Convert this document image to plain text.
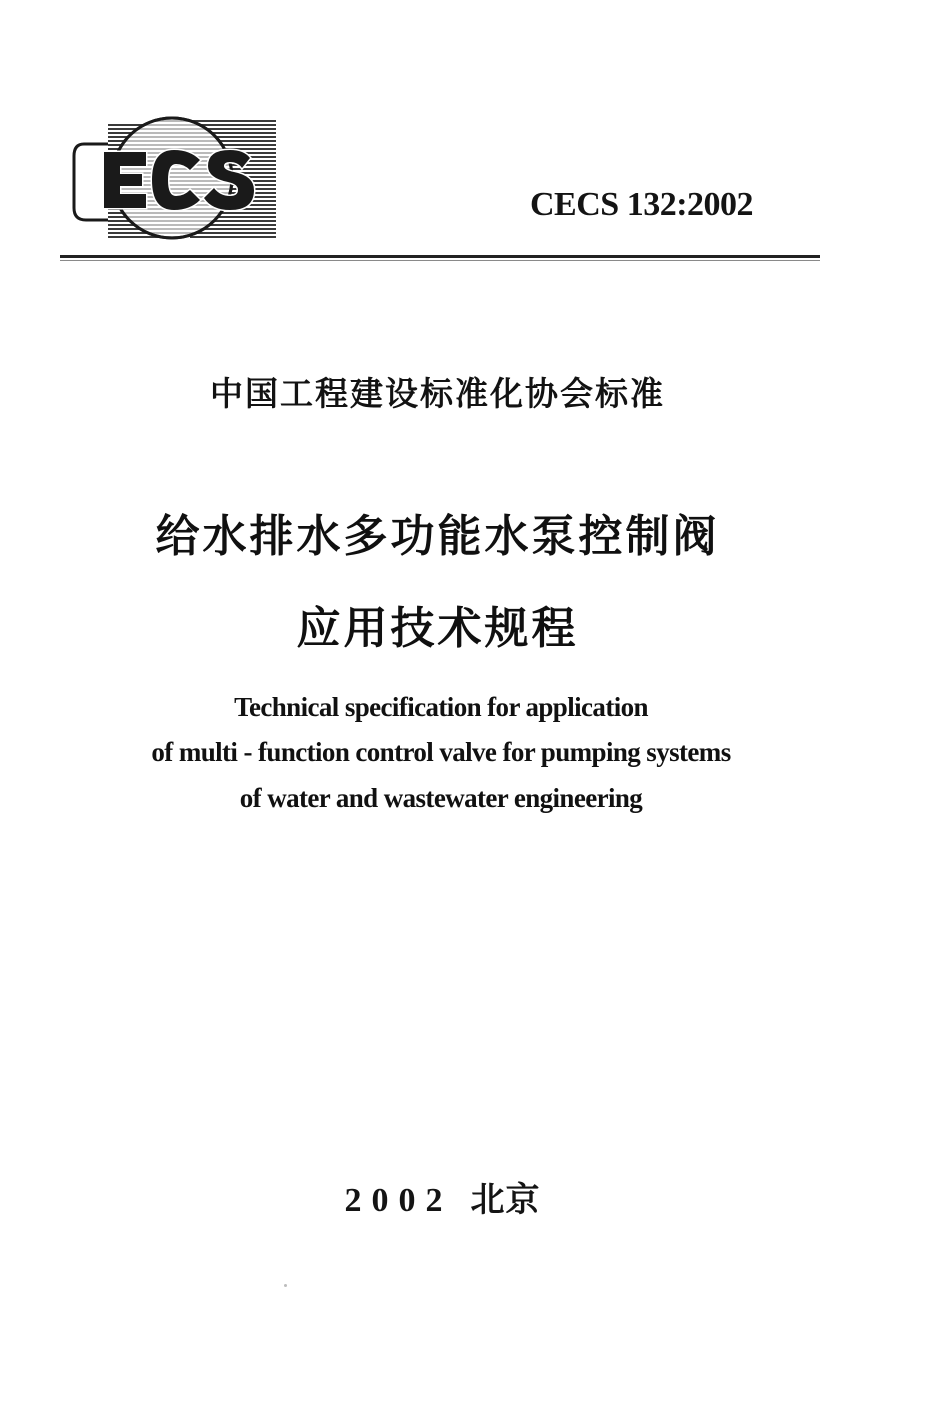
CECS 132:2002
中国工程建设标准化协会标准
给水排水多功能水泵控制阀
应用技术规程
Technical specification for application
of multi - function control valve for pumping systems
of water and wastewater engineering
2002 北京
